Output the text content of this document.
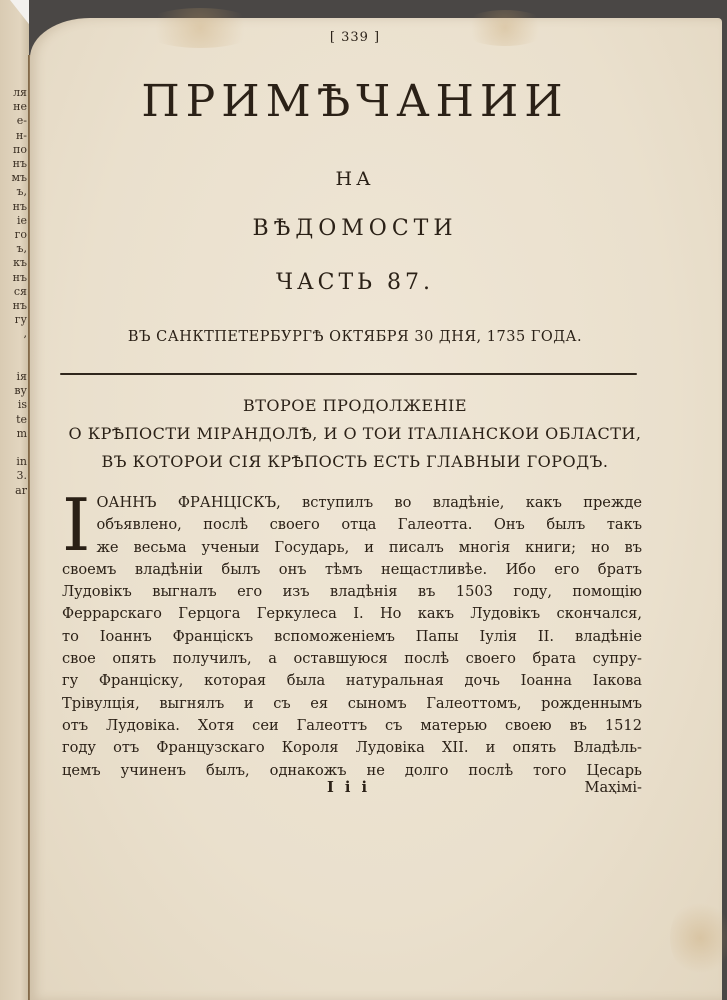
ля
не
е-
н-
по
нъ
мъ
ъ,
нъ
ie
го
ъ,
къ
нъ
ся
нъ
гу
,

iя
ву
is
te
m

in
3.
ar
[ 339 ]
ПРИМѢЧАНИИ
НА
ВѢДОМОСТИ
ЧАСТЬ 87.
ВЪ САНКТПЕТЕРБУРГѢ ОКТЯБРЯ 30 ДНЯ, 1735 ГОДА.
ВТОРОЕ ПРОДОЛЖЕНIЕ
О КРѢПОСТИ МIРАНДОЛѢ, И О ТОИ IТАЛIАНСКОИ ОБЛАСТИ,
ВЪ КОТОРОИ СIЯ КРѢПОСТЬ ЕСТЬ ГЛАВНЫИ ГОРОДЪ.
I ОАННЪ ФРАНЦIСКЪ, вступилъ во владѣнiе, какъ прежде
объявлено, послѣ своего отца Галеотта. Онъ былъ такъ
же весьма ученыи Государь, и писалъ многiя книги; но въ
своемъ владѣнiи былъ онъ тѣмъ нещастливѣе. Ибо его братъ
Лудовiкъ выгналъ его изъ владѣнiя въ 1503 году, помощiю
Феррарскаго Герцога Геркулеса I. Но какъ Лудовiкъ скончался,
то Iоаннъ Францiскъ вспоможенiемъ Папы Iулiя II. владѣнiе
свое опять получилъ, а оставшуюся послѣ своего брата супру-
гу Францiску, которая была натуральная дочь Iоанна Iакова
Трiвулцiя, выгнялъ и съ ея сыномъ Галеоттомъ, рожденнымъ
отъ Лудовiка. Хотя сеи Галеоттъ съ матерью своею въ 1512
году отъ Французскаго Короля Лудовiка XII. и опять Владѣль-
цемъ учиненъ былъ, однакожъ не долго послѣ того Цесарь
I i i	Маҳiмi-
